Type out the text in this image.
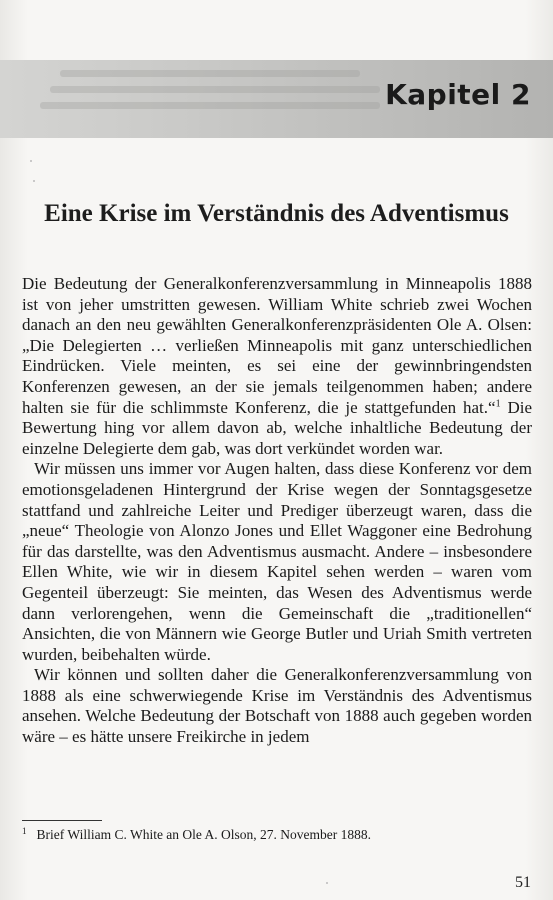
Kapitel 2
Eine Krise im Verständnis des Adventismus

Die Bedeutung der Generalkonferenzversammlung in Minneapolis 1888 ist von jeher umstritten gewesen. William White schrieb zwei Wochen danach an den neu gewählten Generalkonferenzpräsidenten Ole A. Olsen: „Die Delegierten … verließen Minneapolis mit ganz unterschiedlichen Eindrücken. Viele meinten, es sei eine der gewinnbringendsten Konferenzen gewesen, an der sie jemals teilgenommen haben; andere halten sie für die schlimmste Konferenz, die je stattgefunden hat.“$^1$ Die Bewertung hing vor allem davon ab, welche inhaltliche Bedeutung der einzelne Delegierte dem gab, was dort verkündet worden war.

Wir müssen uns immer vor Augen halten, dass diese Konferenz vor dem emotionsgeladenen Hintergrund der Krise wegen der Sonntagsgesetze stattfand und zahlreiche Leiter und Prediger überzeugt waren, dass die „neue“ Theologie von Alonzo Jones und Ellet Waggoner eine Bedrohung für das darstellte, was den Adventismus ausmacht. Andere – insbesondere Ellen White, wie wir in diesem Kapitel sehen werden – waren vom Gegenteil überzeugt: Sie meinten, das Wesen des Adventismus werde dann verlorengehen, wenn die Gemeinschaft die „traditionellen“ Ansichten, die von Männern wie George Butler und Uriah Smith vertreten wurden, beibehalten würde.

Wir können und sollten daher die Generalkonferenzversammlung von 1888 als eine schwerwiegende Krise im Verständnis des Adventismus ansehen. Welche Bedeutung der Botschaft von 1888 auch gegeben worden wäre – es hätte unsere Freikirche in jedem

$^1$ Brief William C. White an Ole A. Olson, 27. November 1888.
51
